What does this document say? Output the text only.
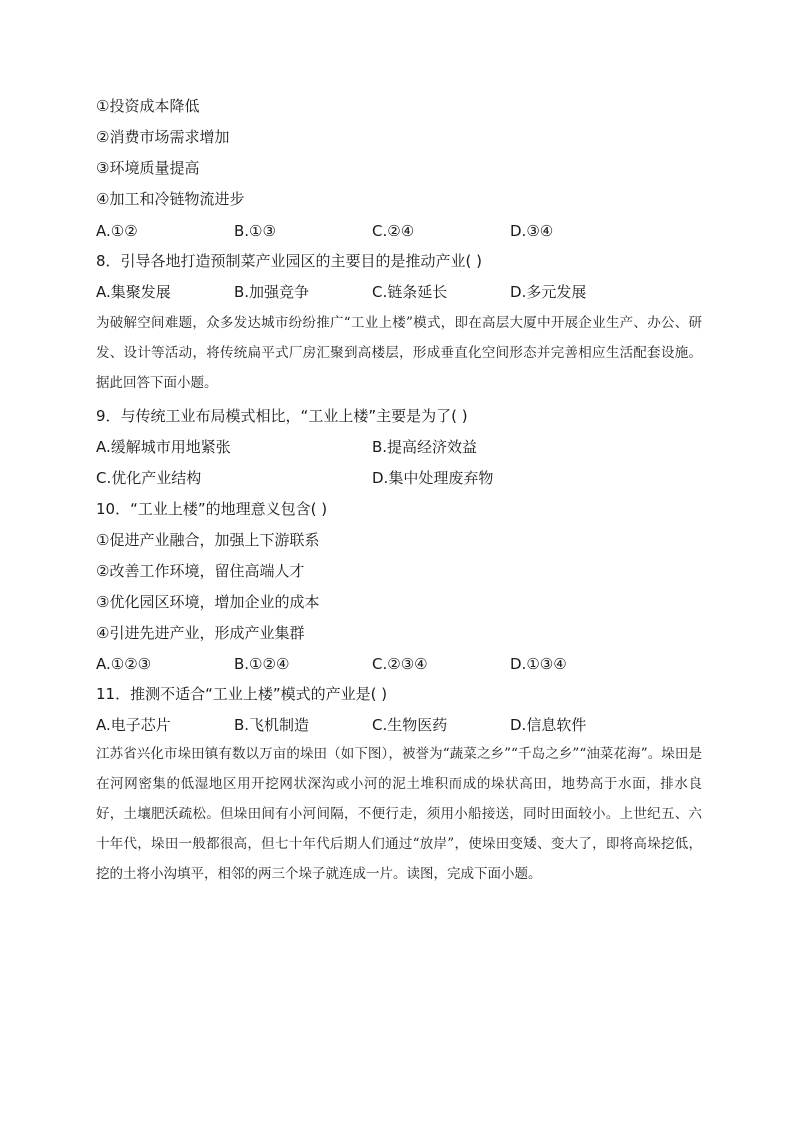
①投资成本降低
②消费市场需求增加
③环境质量提高
④加工和冷链物流进步
A.①②	B.①③	C.②④	D.③④
8．引导各地打造预制菜产业园区的主要目的是推动产业( )
A.集聚发展	B.加强竞争	C.链条延长	D.多元发展
为破解空间难题，众多发达城市纷纷推广“工业上楼”模式，即在高层大厦中开展企业生产、办公、研发、设计等活动，将传统扁平式厂房汇聚到高楼层，形成垂直化空间形态并完善相应生活配套设施。据此回答下面小题。
9．与传统工业布局模式相比，“工业上楼”主要是为了( )
A.缓解城市用地紧张	B.提高经济效益
C.优化产业结构	D.集中处理废弃物
10．“工业上楼”的地理意义包含( )
①促进产业融合，加强上下游联系
②改善工作环境，留住高端人才
③优化园区环境，增加企业的成本
④引进先进产业，形成产业集群
A.①②③	B.①②④	C.②③④	D.①③④
11．推测不适合“工业上楼”模式的产业是( )
A.电子芯片	B.飞机制造	C.生物医药	D.信息软件
江苏省兴化市垛田镇有数以万亩的垛田（如下图），被誉为“蔬菜之乡”“千岛之乡”“油菜花海”。垛田是在河网密集的低湿地区用开挖网状深沟或小河的泥土堆积而成的垛状高田，地势高于水面，排水良好，土壤肥沃疏松。但垛田间有小河间隔，不便行走，须用小船接送，同时田面较小。上世纪五、六十年代，垛田一般都很高，但七十年代后期人们通过“放岸”，使垛田变矮、变大了，即将高垛挖低，挖的土将小沟填平，相邻的两三个垛子就连成一片。读图，完成下面小题。
